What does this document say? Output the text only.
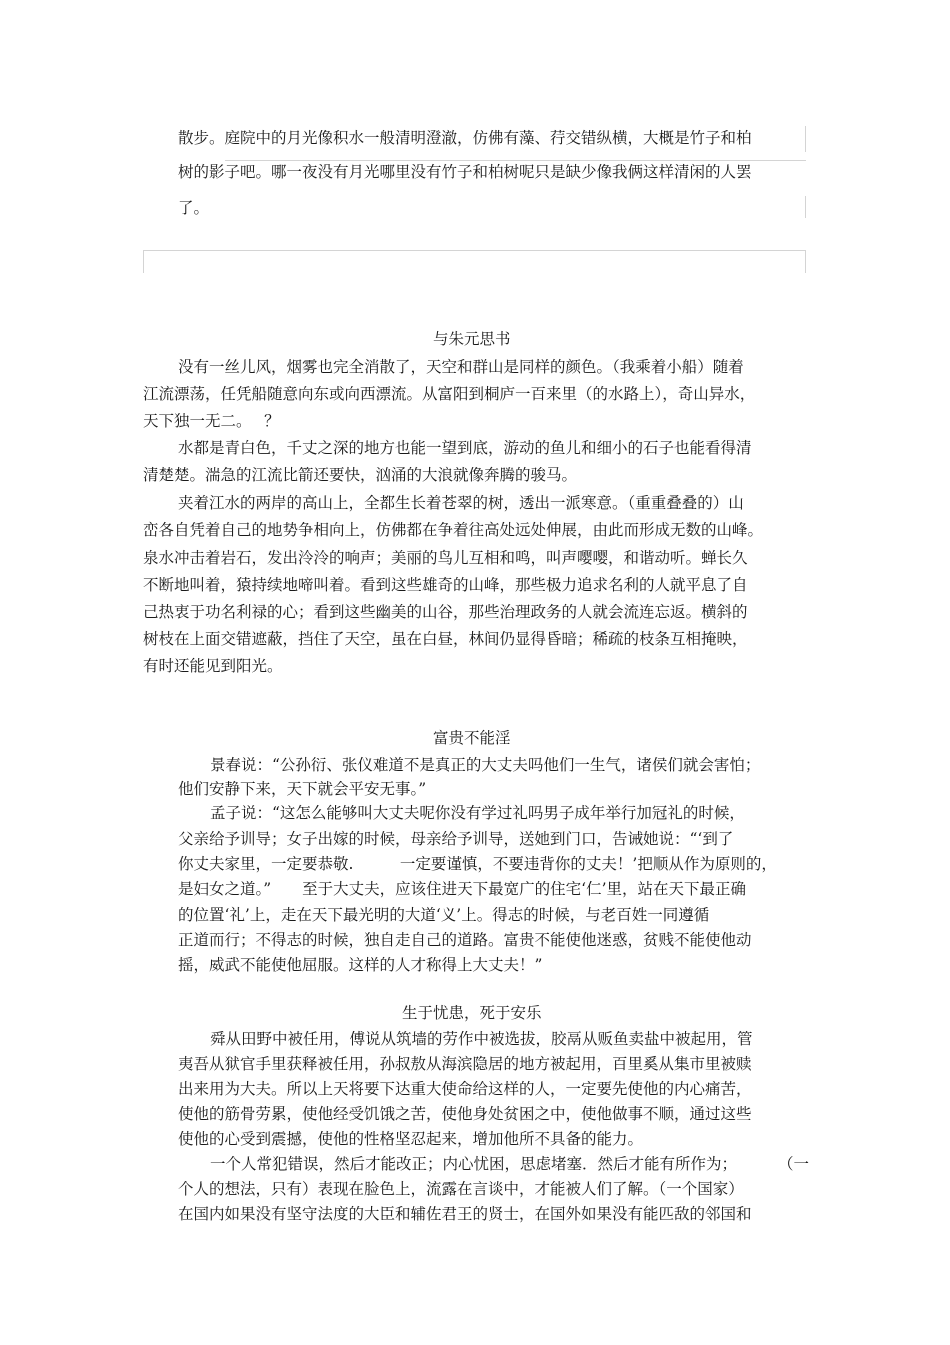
散步。庭院中的月光像积水一般清明澄澈，仿佛有藻、荇交错纵横，大概是竹子和柏
树的影子吧。哪一夜没有月光哪里没有竹子和柏树呢只是缺少像我俩这样清闲的人罢
了。
与朱元思书
没有一丝儿风，烟雾也完全消散了，天空和群山是同样的颜色。（我乘着小船）随着
江流漂荡，任凭船随意向东或向西漂流。从富阳到桐庐一百来里（的水路上），奇山异水，
天下独一无二。　 ？
水都是青白色，千丈之深的地方也能一望到底，游动的鱼儿和细小的石子也能看得清
清楚楚。湍急的江流比箭还要快，汹涌的大浪就像奔腾的骏马。
夹着江水的两岸的高山上，全都生长着苍翠的树，透出一派寒意。（重重叠叠的）山
峦各自凭着自己的地势争相向上，仿佛都在争着往高处远处伸展，由此而形成无数的山峰。
泉水冲击着岩石，发出泠泠的响声；美丽的鸟儿互相和鸣，叫声嘤嘤，和谐动听。蝉长久
不断地叫着，猿持续地啼叫着。看到这些雄奇的山峰，那些极力追求名利的人就平息了自
己热衷于功名利禄的心；看到这些幽美的山谷，那些治理政务的人就会流连忘返。横斜的
树枝在上面交错遮蔽，挡住了天空，虽在白昼，林间仍显得昏暗；稀疏的枝条互相掩映，
有时还能见到阳光。
富贵不能淫
景春说：“公孙衍、张仪难道不是真正的大丈夫吗他们一生气，诸侯们就会害怕；
他们安静下来，天下就会平安无事。”
孟子说：“这怎么能够叫大丈夫呢你没有学过礼吗男子成年举行加冠礼的时候，
父亲给予训导；女子出嫁的时候，母亲给予训导，送她到门口，告诫她说：“‘到了
你丈夫家里，一定要恭敬.　　　一定要谨慎，不要违背你的丈夫！’把顺从作为原则的，
是妇女之道。”　　至于大丈夫，应该住进天下最宽广的住宅‘仁’里，站在天下最正确
的位置‘礼’上，走在天下最光明的大道‘义’上。得志的时候，与老百姓一同遵循
正道而行；不得志的时候，独自走自己的道路。富贵不能使他迷惑，贫贱不能使他动
摇，威武不能使他屈服。这样的人才称得上大丈夫！”
生于忧患，死于安乐
舜从田野中被任用，傅说从筑墙的劳作中被选拔，胶鬲从贩鱼卖盐中被起用，管
夷吾从狱官手里获释被任用，孙叔敖从海滨隐居的地方被起用，百里奚从集市里被赎
出来用为大夫。所以上天将要下达重大使命给这样的人，一定要先使他的内心痛苦，
使他的筋骨劳累，使他经受饥饿之苦，使他身处贫困之中，使他做事不顺，通过这些
使他的心受到震撼，使他的性格坚忍起来，增加他所不具备的能力。
一个人常犯错误，然后才能改正；内心忧困，思虑堵塞．然后才能有所作为；	（一
个人的想法，只有）表现在脸色上，流露在言谈中，才能被人们了解。（一个国家）
在国内如果没有坚守法度的大臣和辅佐君王的贤士，在国外如果没有能匹敌的邻国和
